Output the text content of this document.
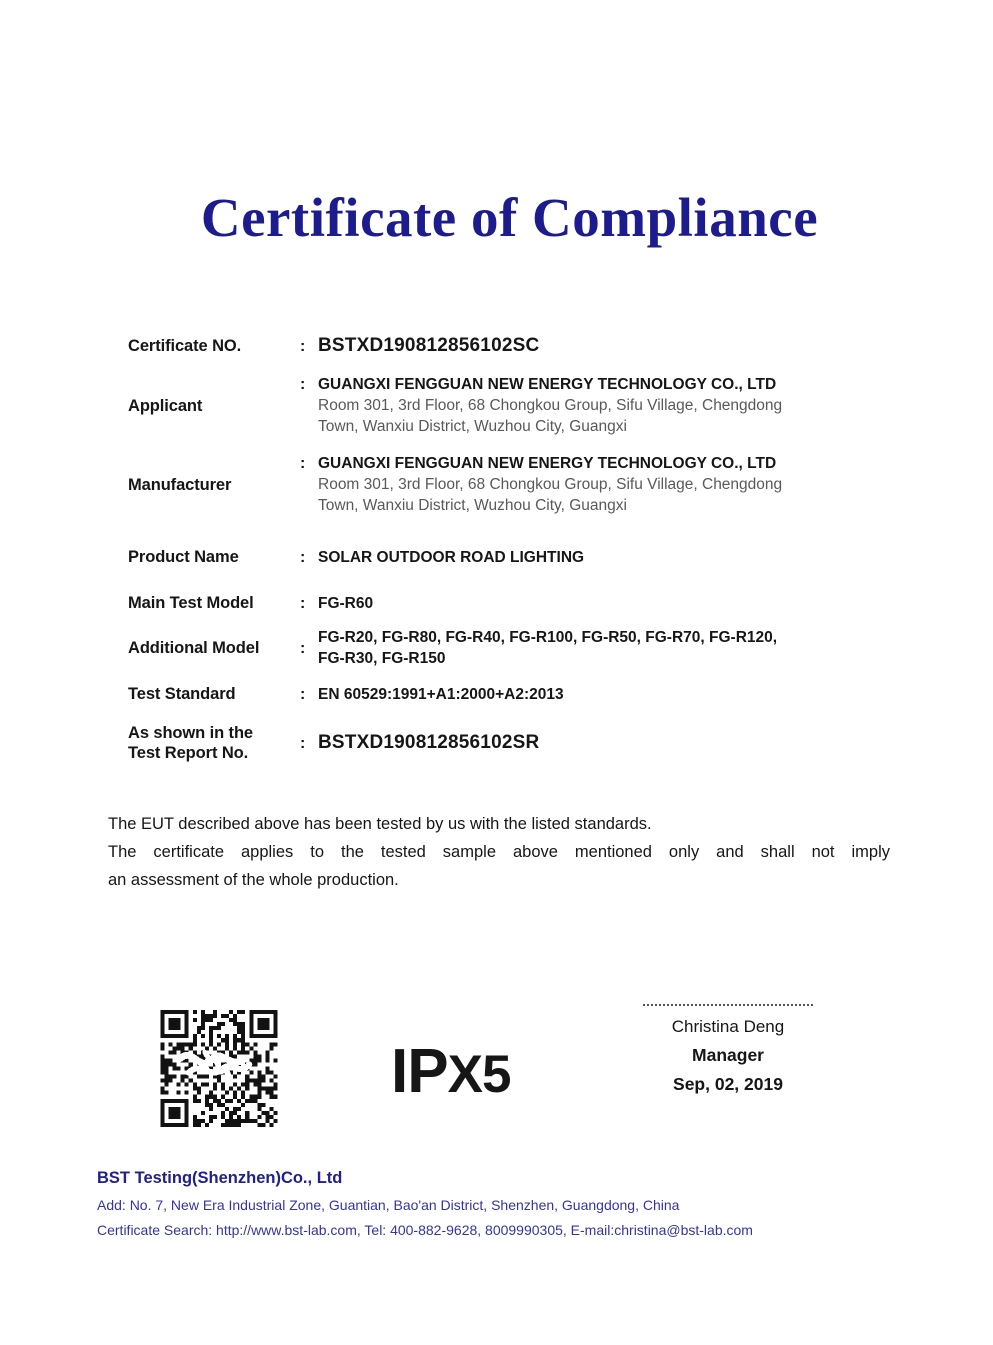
Certificate of Compliance
Certificate NO.	: BSTXD190812856102SC
Applicant
: GUANGXI FENGGUAN NEW ENERGY TECHNOLOGY CO., LTD
Room 301, 3rd Floor, 68 Chongkou Group, Sifu Village, Chengdong
Town, Wanxiu District, Wuzhou City, Guangxi
Manufacturer
: GUANGXI FENGGUAN NEW ENERGY TECHNOLOGY CO., LTD
Room 301, 3rd Floor, 68 Chongkou Group, Sifu Village, Chengdong
Town, Wanxiu District, Wuzhou City, Guangxi
Product Name	: SOLAR OUTDOOR ROAD LIGHTING
Main Test Model	: FG-R60
Additional Model	:
FG-R20, FG-R80, FG-R40, FG-R100, FG-R50, FG-R70, FG-R120,
FG-R30, FG-R150
Test Standard	: EN 60529:1991+A1:2000+A2:2013
As shown in the
Test Report No.
: BSTXD190812856102SR
The EUT described above has been tested by us with the listed standards.
The certificate applies to the tested sample above mentioned only and shall not imply
an assessment of the whole production.
IPX5
Christina Deng
Manager
Sep, 02, 2019
BST Testing(Shenzhen)Co., Ltd
Add: No. 7, New Era Industrial Zone, Guantian, Bao'an District, Shenzhen, Guangdong, China
Certificate Search: http://www.bst-lab.com, Tel: 400-882-9628, 8009990305, E-mail:christina@bst-lab.com
